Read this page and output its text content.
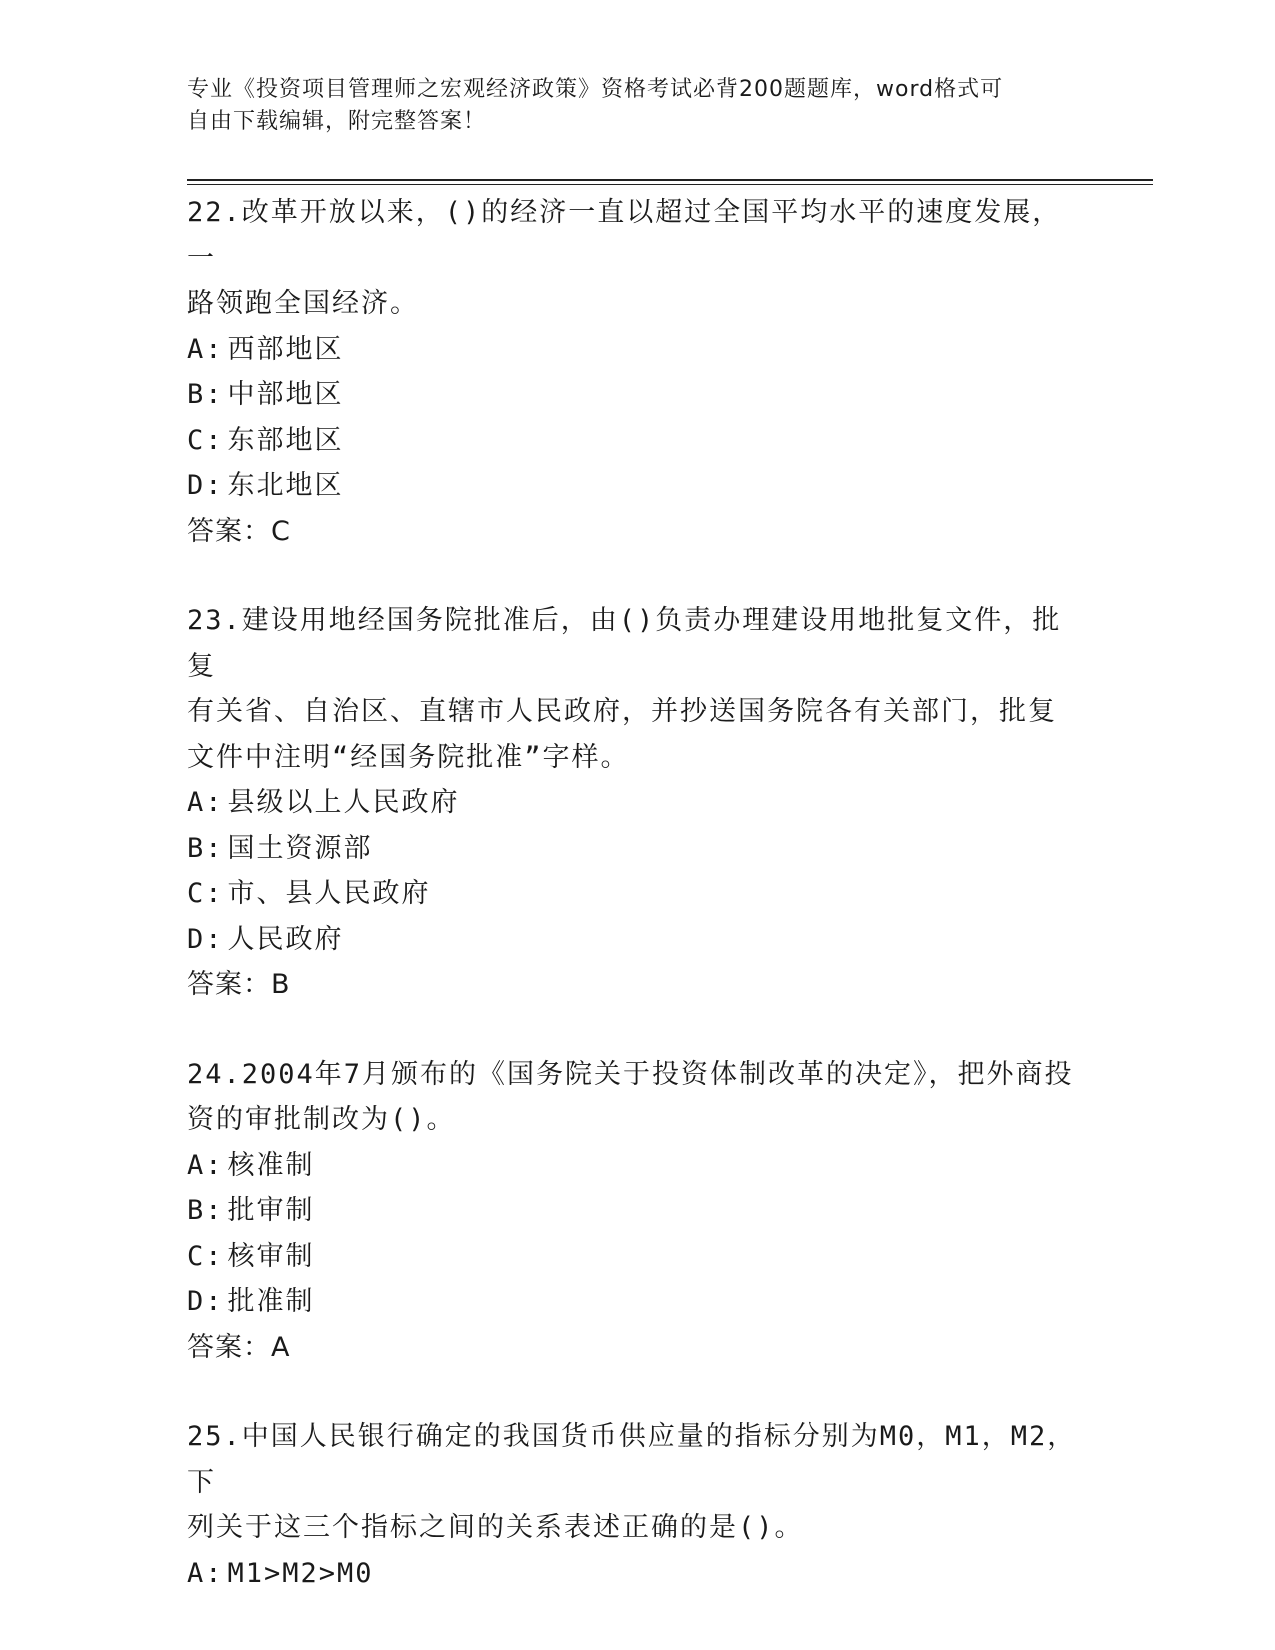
专业《投资项目管理师之宏观经济政策》资格考试必背200题题库，word格式可
自由下载编辑，附完整答案！

22.改革开放以来，()的经济一直以超过全国平均水平的速度发展，一

路领跑全国经济。

A: 西部地区

B: 中部地区

C: 东部地区

D: 东北地区

答案：C

23.建设用地经国务院批准后，由()负责办理建设用地批复文件，批复

有关省、自治区、直辖市人民政府，并抄送国务院各有关部门，批复

文件中注明“经国务院批准”字样。

A: 县级以上人民政府

B: 国土资源部

C: 市、县人民政府

D: 人民政府

答案：B

24.2004年7月颁布的《国务院关于投资体制改革的决定》，把外商投

资的审批制改为()。

A: 核准制

B: 批审制

C: 核审制

D: 批准制

答案：A

25.中国人民银行确定的我国货币供应量的指标分别为M0，M1，M2，下

列关于这三个指标之间的关系表述正确的是()。

A: M1>M2>M0
